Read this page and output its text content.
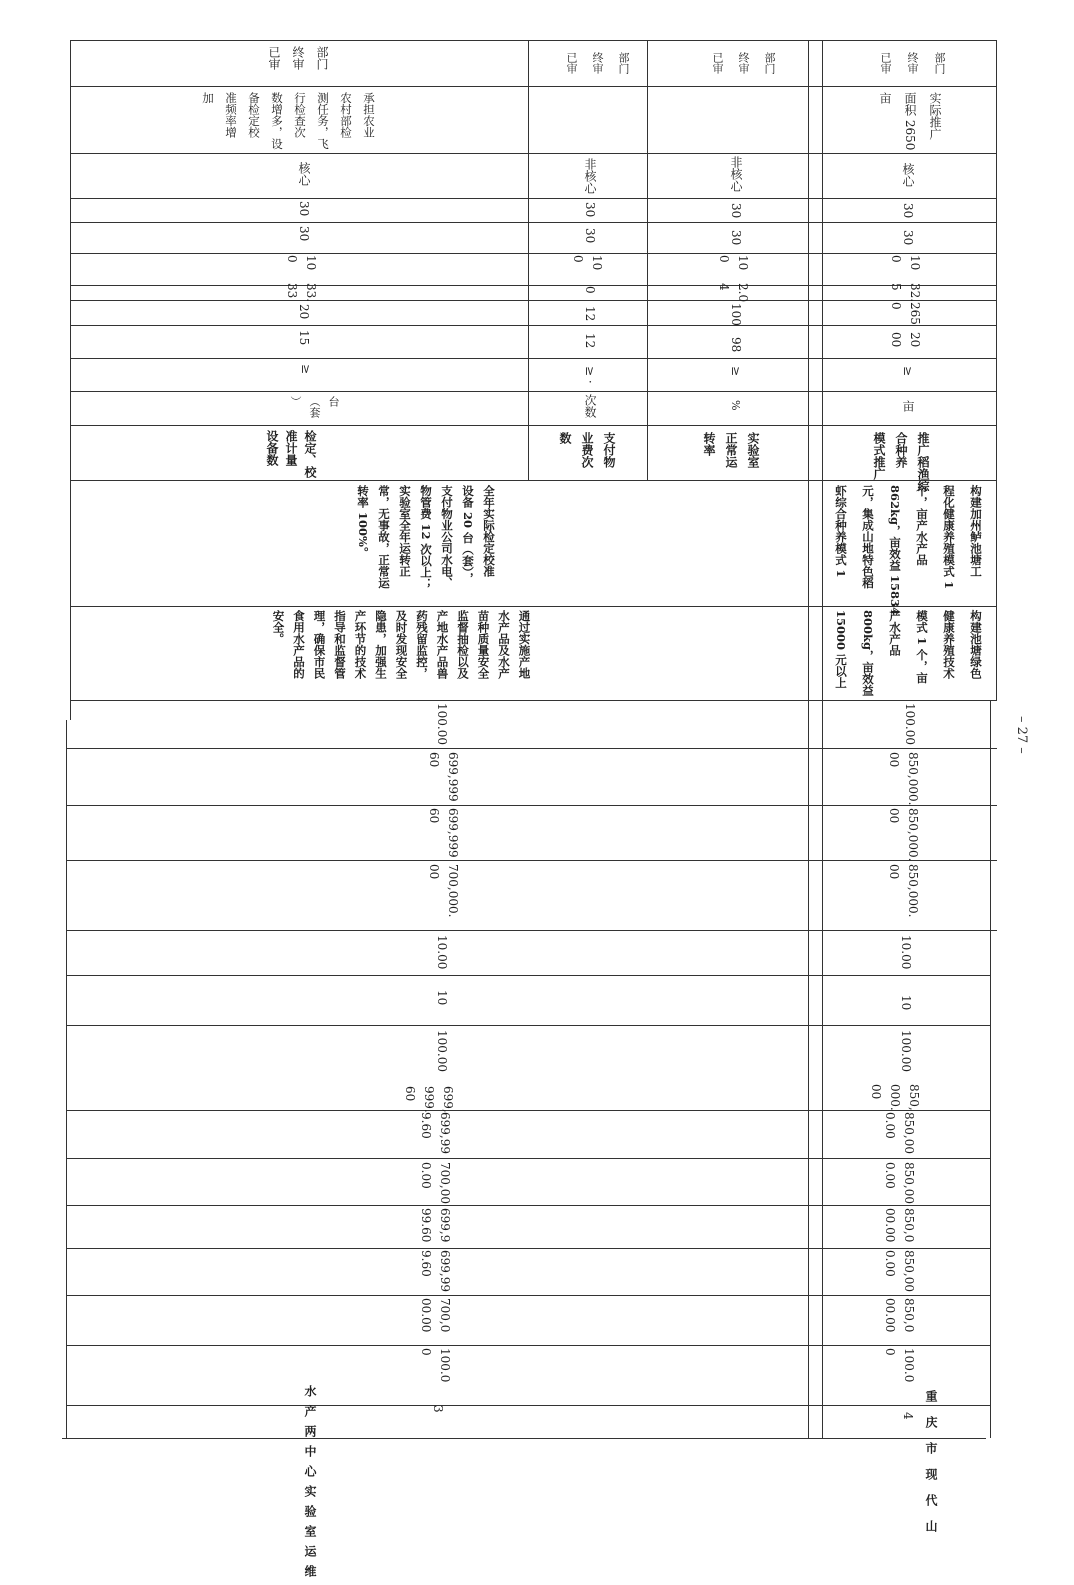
3
水产两中心实验室运维
100.0
0
700,0
00.00
699,99
9.60
699,9
99.60
700,00
0.00
699,99
9.60
699,
999.
60
100.00
10
10.00
700,000.
00
699,999
60
699,999
60
100.00
通过实施产地
水产品及水产
苗种质量安全
监督抽检以及
产地水产品兽
药残留监控，
及时发现安全
隐患，加强生
产环节的技术
指导和监督管
理，确保市民
食用水产品的
安全。
全年实际检定校准
设备 20 台（套），
支付物业公司水电、
物管费 12 次以上；
实验室全年运转正
常，无事故，正常运
转率 100%。
检定、校
准计量
设备数
台
（套
）
≥
15
20
33.
33
10
0
30
30
核心
承担农业
农村部检
测任务，飞
行检查次
数增多，设
备检定校
准频率增
加
部门
终审
已审
支付物
业费次
数
次数
≥ ·
12
12
0
10
0
30
30
非核心
部门
终审
已审
实验室
正常运
转率
%
≥
98
100
2.0
4
10
0
30
30
非核心
部门
终审
已审
4 重庆市现代山
100.0
0
850,0
00.00
850,00
0.00
850,0
00.00
850,00
0.00
850,00
0.00
850,
000.
00
100.00
10
10.00
850,000.
00
850,000.
00
850,000.
00
100.00
构建池塘绿色
健康养殖技术
模式 1 个，亩
产水产品
800kg，亩效益
15000 元以上
构建加州鲈池塘工
程化健康养殖模式 1
个，亩产水产品
862kg，亩效益 15834
元，集成山地特色稻
虾综合种养模式 1
推广稻渔综
合种养
模式推广
亩
≥
20
00
265
0
32.
5
10
0
30
30
核心
实际推广
面积 2650
亩
部门
终审
已审
– 27 –
